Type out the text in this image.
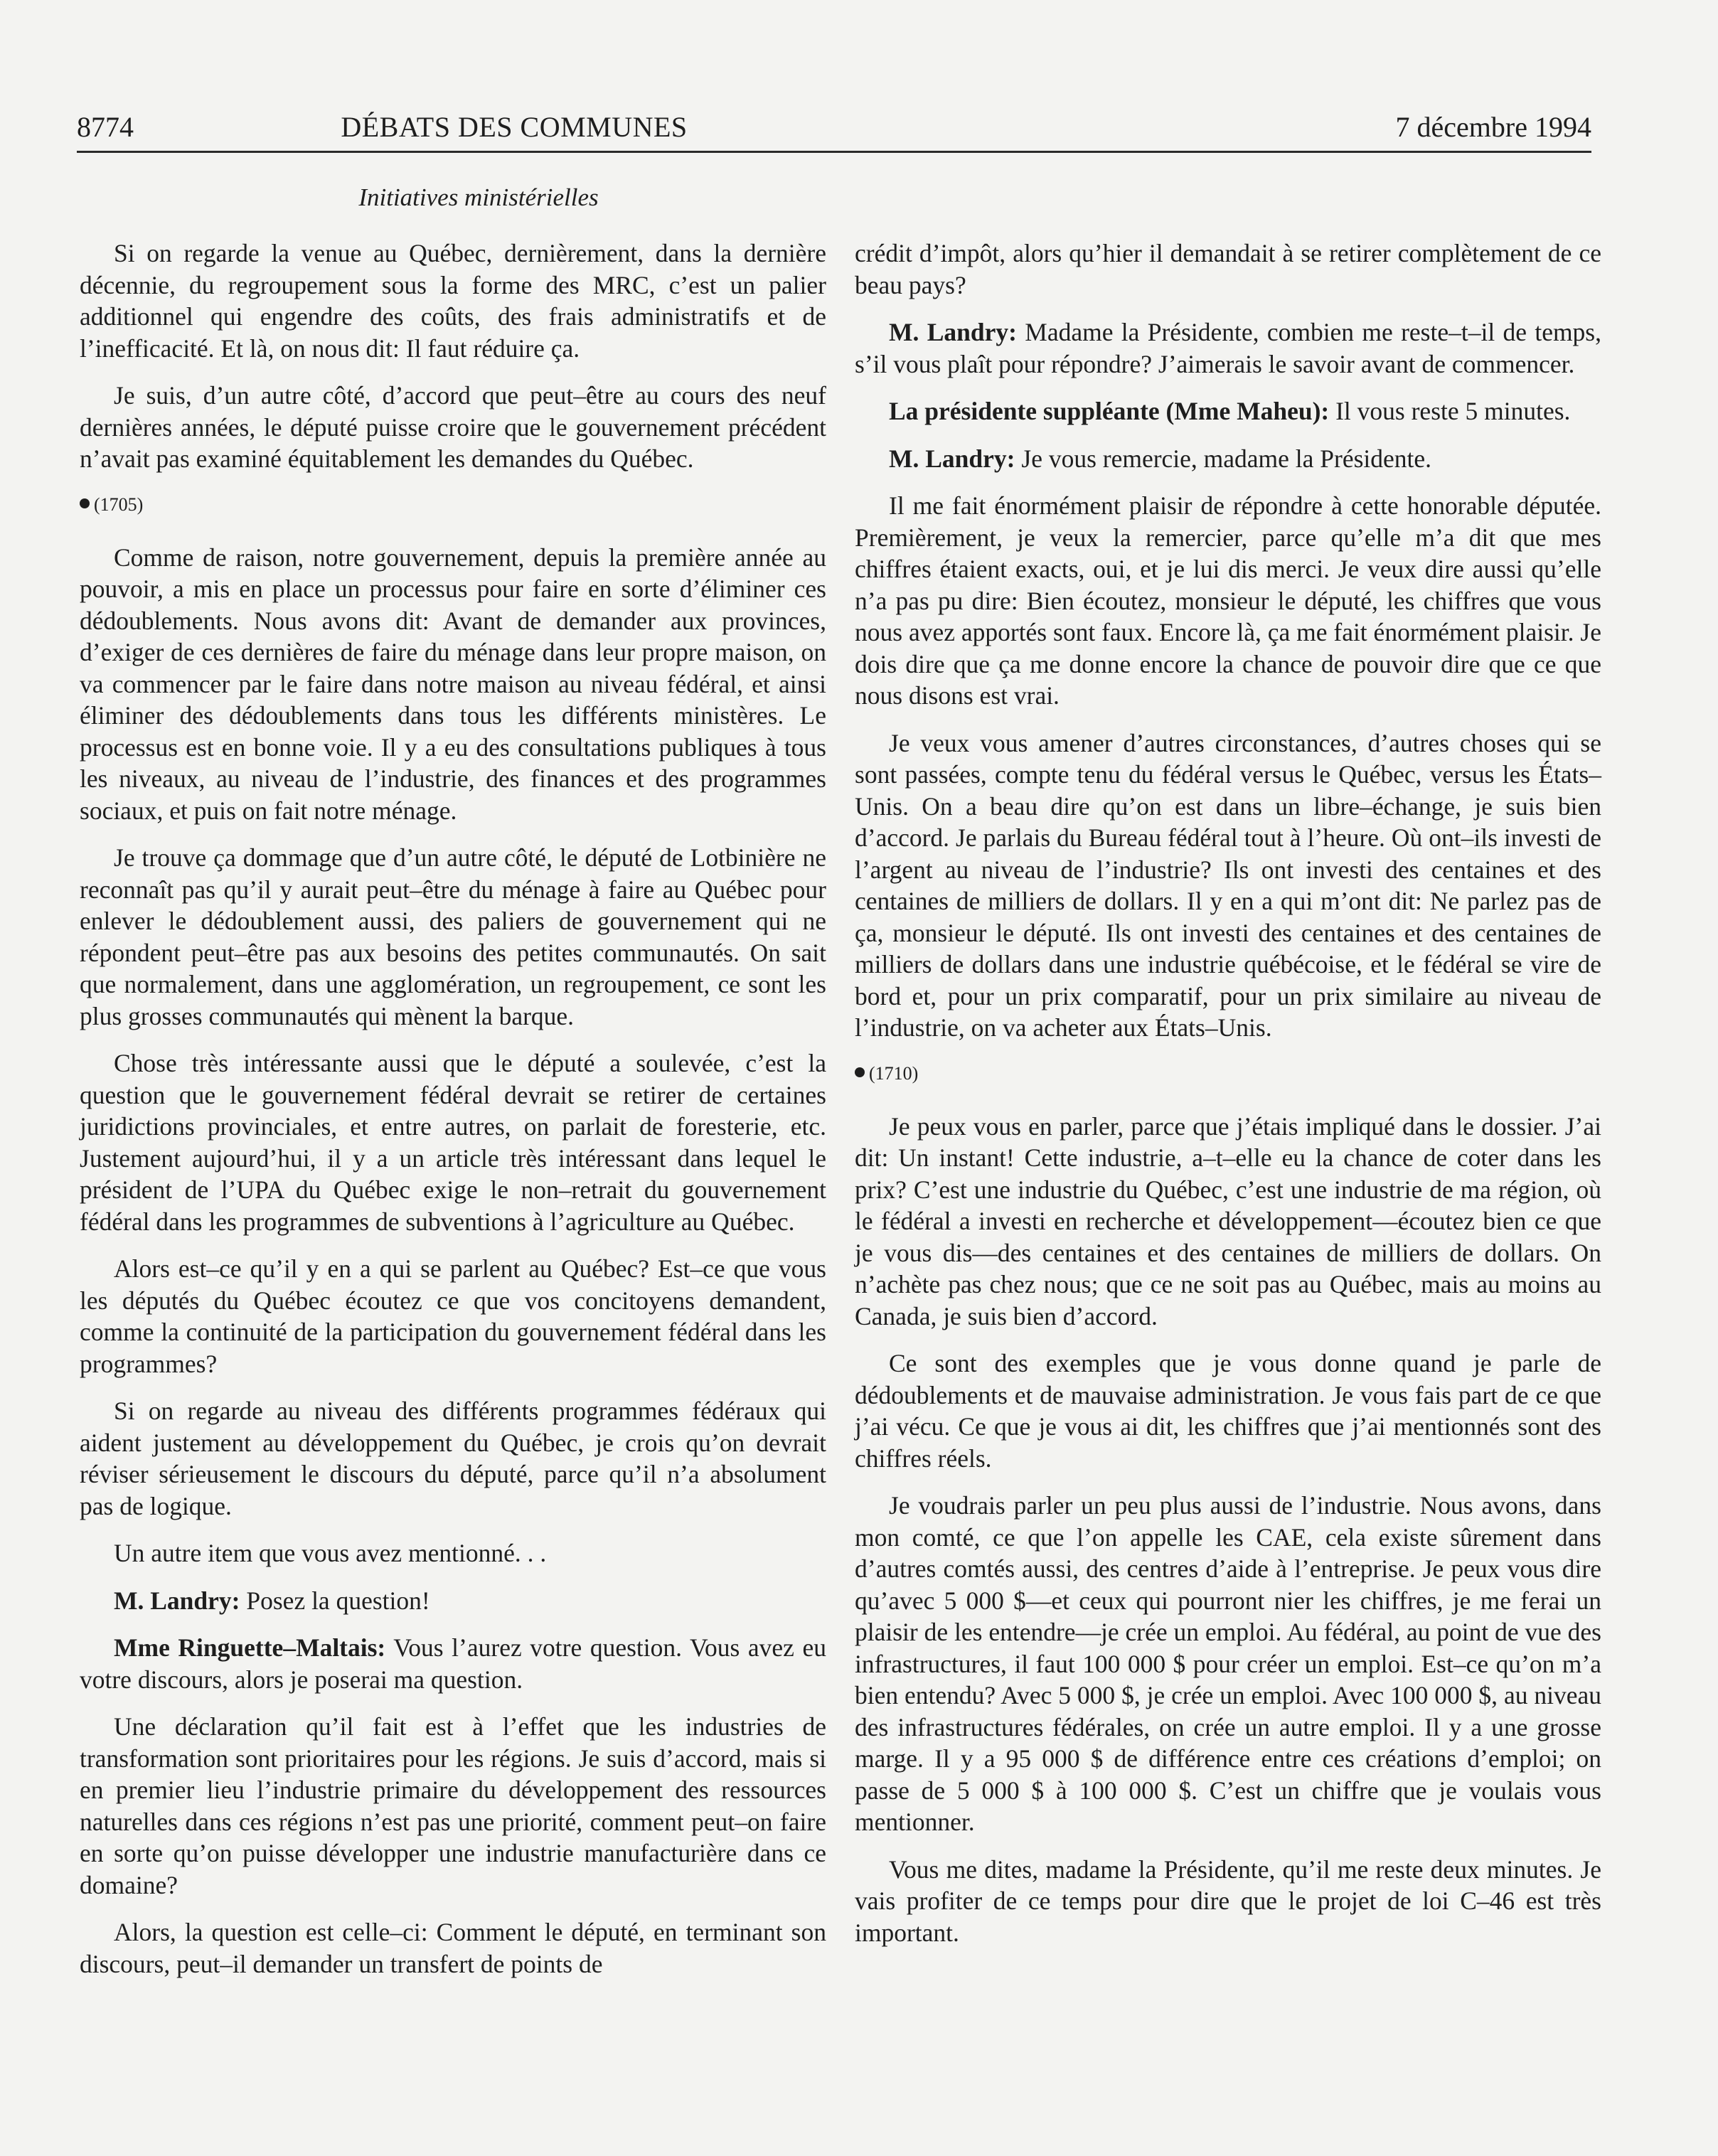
8774	DÉBATS DES COMMUNES	7 décembre 1994
Initiatives ministérielles

Si on regarde la venue au Québec, dernièrement, dans la dernière décennie, du regroupement sous la forme des MRC, c’est un palier additionnel qui engendre des coûts, des frais administratifs et de l’inefficacité. Et là, on nous dit: Il faut réduire ça.

Je suis, d’un autre côté, d’accord que peut–être au cours des neuf dernières années, le député puisse croire que le gouvernement précédent n’avait pas examiné équitablement les demandes du Québec.

(1705)

Comme de raison, notre gouvernement, depuis la première année au pouvoir, a mis en place un processus pour faire en sorte d’éliminer ces dédoublements. Nous avons dit: Avant de demander aux provinces, d’exiger de ces dernières de faire du ménage dans leur propre maison, on va commencer par le faire dans notre maison au niveau fédéral, et ainsi éliminer des dédoublements dans tous les différents ministères. Le processus est en bonne voie. Il y a eu des consultations publiques à tous les niveaux, au niveau de l’industrie, des finances et des programmes sociaux, et puis on fait notre ménage.

Je trouve ça dommage que d’un autre côté, le député de Lotbinière ne reconnaît pas qu’il y aurait peut–être du ménage à faire au Québec pour enlever le dédoublement aussi, des paliers de gouvernement qui ne répondent peut–être pas aux besoins des petites communautés. On sait que normalement, dans une agglomération, un regroupement, ce sont les plus grosses communautés qui mènent la barque.

Chose très intéressante aussi que le député a soulevée, c’est la question que le gouvernement fédéral devrait se retirer de certaines juridictions provinciales, et entre autres, on parlait de foresterie, etc. Justement aujourd’hui, il y a un article très intéressant dans lequel le président de l’UPA du Québec exige le non–retrait du gouvernement fédéral dans les programmes de subventions à l’agriculture au Québec.

Alors est–ce qu’il y en a qui se parlent au Québec? Est–ce que vous les députés du Québec écoutez ce que vos concitoyens demandent, comme la continuité de la participation du gouvernement fédéral dans les programmes?

Si on regarde au niveau des différents programmes fédéraux qui aident justement au développement du Québec, je crois qu’on devrait réviser sérieusement le discours du député, parce qu’il n’a absolument pas de logique.

Un autre item que vous avez mentionné. . .

M. Landry: Posez la question!

Mme Ringuette–Maltais: Vous l’aurez votre question. Vous avez eu votre discours, alors je poserai ma question.

Une déclaration qu’il fait est à l’effet que les industries de transformation sont prioritaires pour les régions. Je suis d’accord, mais si en premier lieu l’industrie primaire du développement des ressources naturelles dans ces régions n’est pas une priorité, comment peut–on faire en sorte qu’on puisse développer une industrie manufacturière dans ce domaine?

Alors, la question est celle–ci: Comment le député, en terminant son discours, peut–il demander un transfert de points de

crédit d’impôt, alors qu’hier il demandait à se retirer complètement de ce beau pays?

M. Landry: Madame la Présidente, combien me reste–t–il de temps, s’il vous plaît pour répondre? J’aimerais le savoir avant de commencer.

La présidente suppléante (Mme Maheu): Il vous reste 5 minutes.

M. Landry: Je vous remercie, madame la Présidente.

Il me fait énormément plaisir de répondre à cette honorable députée. Premièrement, je veux la remercier, parce qu’elle m’a dit que mes chiffres étaient exacts, oui, et je lui dis merci. Je veux dire aussi qu’elle n’a pas pu dire: Bien écoutez, monsieur le député, les chiffres que vous nous avez apportés sont faux. Encore là, ça me fait énormément plaisir. Je dois dire que ça me donne encore la chance de pouvoir dire que ce que nous disons est vrai.

Je veux vous amener d’autres circonstances, d’autres choses qui se sont passées, compte tenu du fédéral versus le Québec, versus les États–Unis. On a beau dire qu’on est dans un libre–échange, je suis bien d’accord. Je parlais du Bureau fédéral tout à l’heure. Où ont–ils investi de l’argent au niveau de l’industrie? Ils ont investi des centaines et des centaines de milliers de dollars. Il y en a qui m’ont dit: Ne parlez pas de ça, monsieur le député. Ils ont investi des centaines et des centaines de milliers de dollars dans une industrie québécoise, et le fédéral se vire de bord et, pour un prix comparatif, pour un prix similaire au niveau de l’industrie, on va acheter aux États–Unis.

(1710)

Je peux vous en parler, parce que j’étais impliqué dans le dossier. J’ai dit: Un instant! Cette industrie, a–t–elle eu la chance de coter dans les prix? C’est une industrie du Québec, c’est une industrie de ma région, où le fédéral a investi en recherche et développement—écoutez bien ce que je vous dis—des centaines et des centaines de milliers de dollars. On n’achète pas chez nous; que ce ne soit pas au Québec, mais au moins au Canada, je suis bien d’accord.

Ce sont des exemples que je vous donne quand je parle de dédoublements et de mauvaise administration. Je vous fais part de ce que j’ai vécu. Ce que je vous ai dit, les chiffres que j’ai mentionnés sont des chiffres réels.

Je voudrais parler un peu plus aussi de l’industrie. Nous avons, dans mon comté, ce que l’on appelle les CAE, cela existe sûrement dans d’autres comtés aussi, des centres d’aide à l’entreprise. Je peux vous dire qu’avec 5 000 $—et ceux qui pourront nier les chiffres, je me ferai un plaisir de les entendre—je crée un emploi. Au fédéral, au point de vue des infrastructures, il faut 100 000 $ pour créer un emploi. Est–ce qu’on m’a bien entendu? Avec 5 000 $, je crée un emploi. Avec 100 000 $, au niveau des infrastructures fédérales, on crée un autre emploi. Il y a une grosse marge. Il y a 95 000 $ de différence entre ces créations d’emploi; on passe de 5 000 $ à 100 000 $. C’est un chiffre que je voulais vous mentionner.

Vous me dites, madame la Présidente, qu’il me reste deux minutes. Je vais profiter de ce temps pour dire que le projet de loi C–46 est très important.
